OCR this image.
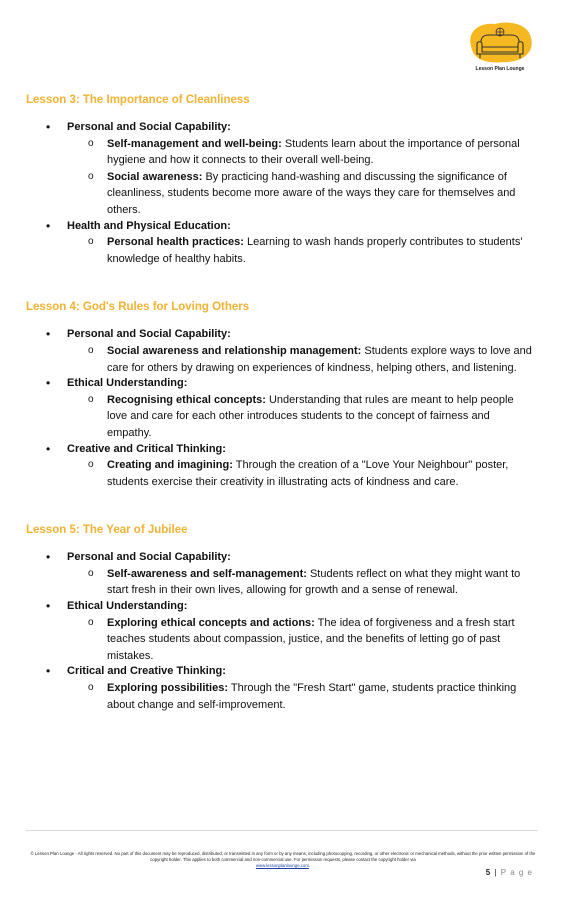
Lesson Plan Lounge
Lesson 3: The Importance of Cleanliness
• Personal and Social Capability:
o Self-management and well-being: Students learn about the importance of personal hygiene and how it connects to their overall well-being.
o Social awareness: By practicing hand-washing and discussing the significance of cleanliness, students become more aware of the ways they care for themselves and others.
• Health and Physical Education:
o Personal health practices: Learning to wash hands properly contributes to students' knowledge of healthy habits.
Lesson 4: God's Rules for Loving Others
• Personal and Social Capability:
o Social awareness and relationship management: Students explore ways to love and care for others by drawing on experiences of kindness, helping others, and listening.
• Ethical Understanding:
o Recognising ethical concepts: Understanding that rules are meant to help people love and care for each other introduces students to the concept of fairness and empathy.
• Creative and Critical Thinking:
o Creating and imagining: Through the creation of a "Love Your Neighbour" poster, students exercise their creativity in illustrating acts of kindness and care.
Lesson 5: The Year of Jubilee
• Personal and Social Capability:
o Self-awareness and self-management: Students reflect on what they might want to start fresh in their own lives, allowing for growth and a sense of renewal.
• Ethical Understanding:
o Exploring ethical concepts and actions: The idea of forgiveness and a fresh start teaches students about compassion, justice, and the benefits of letting go of past mistakes.
• Critical and Creative Thinking:
o Exploring possibilities: Through the "Fresh Start" game, students practice thinking about change and self-improvement.
© Lesson Plan Lounge - All rights reserved. No part of this document may be reproduced, distributed, or transmitted in any form or by any means, including photocopying, recording, or other electronic or mechanical methods, without the prior written permission of the copyright holder. This applies to both commercial and non-commercial use. For permission requests, please contact the copyright holder via
www.lessonplanlounge.com.
5 | P a g e
